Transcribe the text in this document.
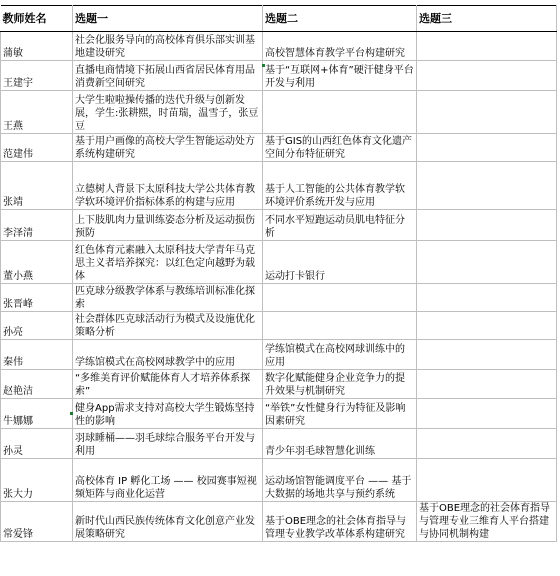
教师姓名	选题一	选题二	选题三
蒲敏	社会化服务导向的高校体育俱乐部实训基地建设研究	高校智慧体育教学平台构建研究	
王建宇	直播电商情境下拓展山西省居民体育用品消费新空间研究	基于“互联网+体育”硬汗健身平台开发与利用	
王燕	大学生啦啦操传播的迭代升级与创新发展，学生:张耕熙，时苗瑞，温雪子，张豆豆		
范建伟	基于用户画像的高校大学生智能运动处方系统构建研究	基于GIS的山西红色体育文化遗产空间分布特征研究	
张靖	立德树人背景下太原科技大学公共体育教学软环境评价指标体系的构建与应用	基于人工智能的公共体育教学软环境评价系统开发与应用	
李泽清	上下肢肌肉力量训练姿态分析及运动损伤预防	不同水平短跑运动员肌电特征分析	
董小燕	红色体育元素融入太原科技大学青年马克思主义者培养探究：以红色定向越野为载体	运动打卡银行	
张晋峰	匹克球分级教学体系与教练培训标准化探索		
孙亮	社会群体匹克球活动行为模式及设施优化策略分析		
秦伟	学练馆模式在高校网球教学中的应用	学练馆模式在高校网球训练中的应用	
赵艳洁	“多维美育评价赋能体育人才培养体系探索”	数字化赋能健身企业竞争力的提升效果与机制研究	
牛娜娜	健身App需求支持对高校大学生锻炼坚持性的影响	“举铁”女性健身行为特征及影响因素研究	
孙灵	羽球睡桶——羽毛球综合服务平台开发与利用	青少年羽毛球智慧化训练	
张大力	高校体育 IP 孵化工场 —— 校园赛事短视频矩阵与商业化运营	运动场馆智能调度平台 —— 基于大数据的场地共享与预约系统	
常爱锋	新时代山西民族传统体育文化创意产业发展策略研究	基于OBE理念的社会体育指导与管理专业教学改革体系构建研究	基于OBE理念的社会体育指导与管理专业三维育人平台搭建与协同机制构建
